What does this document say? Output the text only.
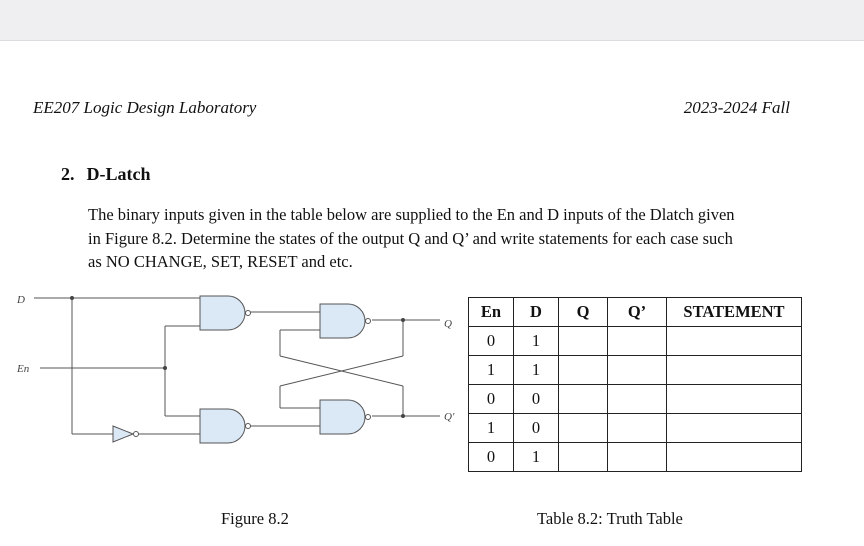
EE207 Logic Design Laboratory	2023-2024 Fall
2. D-Latch
The binary inputs given in the table below are supplied to the En and D inputs of the Dlatch given
in Figure 8.2. Determine the states of the output Q and Q’ and write statements for each case such
as NO CHANGE, SET, RESET and etc.
D
En
Q
Q'
En	D	Q	Q’	STATEMENT
0	1			
1	1			
0	0			
1	0			
0	1			
Figure 8.2	Table 8.2: Truth Table
